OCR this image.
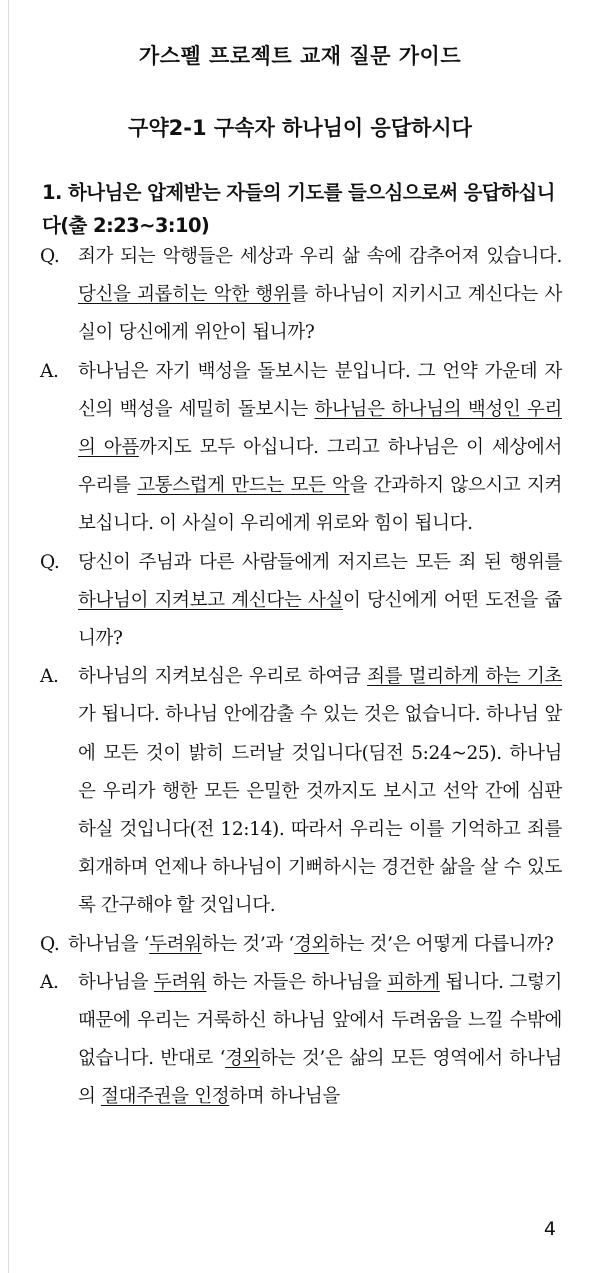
가스펠 프로젝트 교재 질문 가이드
구약2-1 구속자 하나님이 응답하시다
1. 하나님은 압제받는 자들의 기도를 들으심으로써 응답하십니다(출 2:23~3:10)
Q. 죄가 되는 악행들은 세상과 우리 삶 속에 감추어져 있습니다. 당신을 괴롭히는 악한 행위를 하나님이 지키시고 계신다는 사실이 당신에게 위안이 됩니까?
A. 하나님은 자기 백성을 돌보시는 분입니다. 그 언약 가운데 자신의 백성을 세밀히 돌보시는 하나님은 하나님의 백성인 우리의 아픔까지도 모두 아십니다. 그리고 하나님은 이 세상에서 우리를 고통스럽게 만드는 모든 악을 간과하지 않으시고 지켜보십니다. 이 사실이 우리에게 위로와 힘이 됩니다.
Q. 당신이 주님과 다른 사람들에게 저지르는 모든 죄 된 행위를 하나님이 지켜보고 계신다는 사실이 당신에게 어떤 도전을 줍니까?
A. 하나님의 지켜보심은 우리로 하여금 죄를 멀리하게 하는 기초가 됩니다. 하나님 안에감출 수 있는 것은 없습니다. 하나님 앞에 모든 것이 밝히 드러날 것입니다(딤전 5:24~25). 하나님은 우리가 행한 모든 은밀한 것까지도 보시고 선악 간에 심판하실 것입니다(전 12:14). 따라서 우리는 이를 기억하고 죄를 회개하며 언제나 하나님이 기뻐하시는 경건한 삶을 살 수 있도록 간구해야 할 것입니다.
Q. 하나님을 ‘두려워하는 것’과 ‘경외하는 것’은 어떻게 다릅니까?
A. 하나님을 두려워 하는 자들은 하나님을 피하게 됩니다. 그렇기 때문에 우리는 거룩하신 하나님 앞에서 두려움을 느낄 수밖에 없습니다. 반대로 ‘경외하는 것’은 삶의 모든 영역에서 하나님의 절대주권을 인정하며 하나님을
4
